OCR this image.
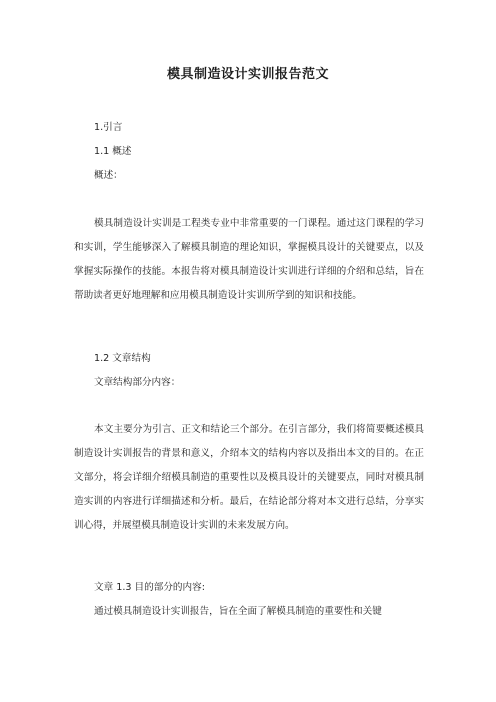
模具制造设计实训报告范文
1.引言
1.1 概述
概述：

模具制造设计实训是工程类专业中非常重要的一门课程。通过这门课程的学习和实训，学生能够深入了解模具制造的理论知识，掌握模具设计的关键要点，以及掌握实际操作的技能。本报告将对模具制造设计实训进行详细的介绍和总结，旨在帮助读者更好地理解和应用模具制造设计实训所学到的知识和技能。

1.2 文章结构
文章结构部分内容：

本文主要分为引言、正文和结论三个部分。在引言部分，我们将简要概述模具制造设计实训报告的背景和意义，介绍本文的结构内容以及指出本文的目的。在正文部分，将会详细介绍模具制造的重要性以及模具设计的关键要点，同时对模具制造实训的内容进行详细描述和分析。最后，在结论部分将对本文进行总结，分享实训心得，并展望模具制造设计实训的未来发展方向。

文章 1.3 目的部分的内容:
通过模具制造设计实训报告，旨在全面了解模具制造的重要性和关键
